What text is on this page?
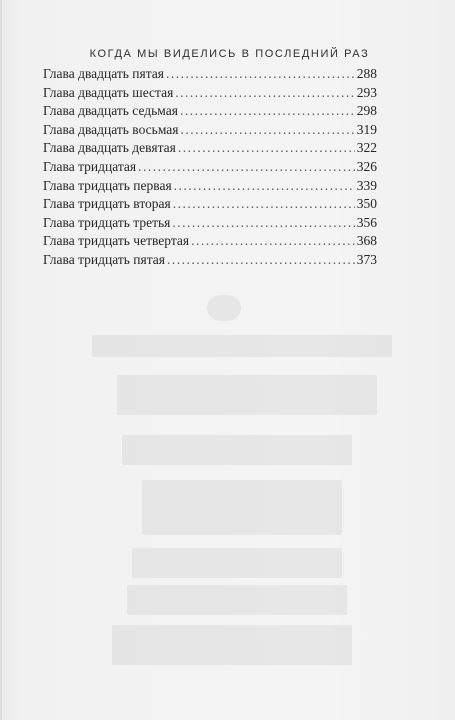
КОГДА МЫ ВИДЕЛИСЬ В ПОСЛЕДНИЙ РАЗ
Глава двадцать пятая .....	288
Глава двадцать шестая .....	293
Глава двадцать седьмая .....	298
Глава двадцать восьмая .....	319
Глава двадцать девятая .....	322
Глава тридцатая .....	326
Глава тридцать первая .....	339
Глава тридцать вторая .....	350
Глава тридцать третья .....	356
Глава тридцать четвертая .....	368
Глава тридцать пятая .....	373
